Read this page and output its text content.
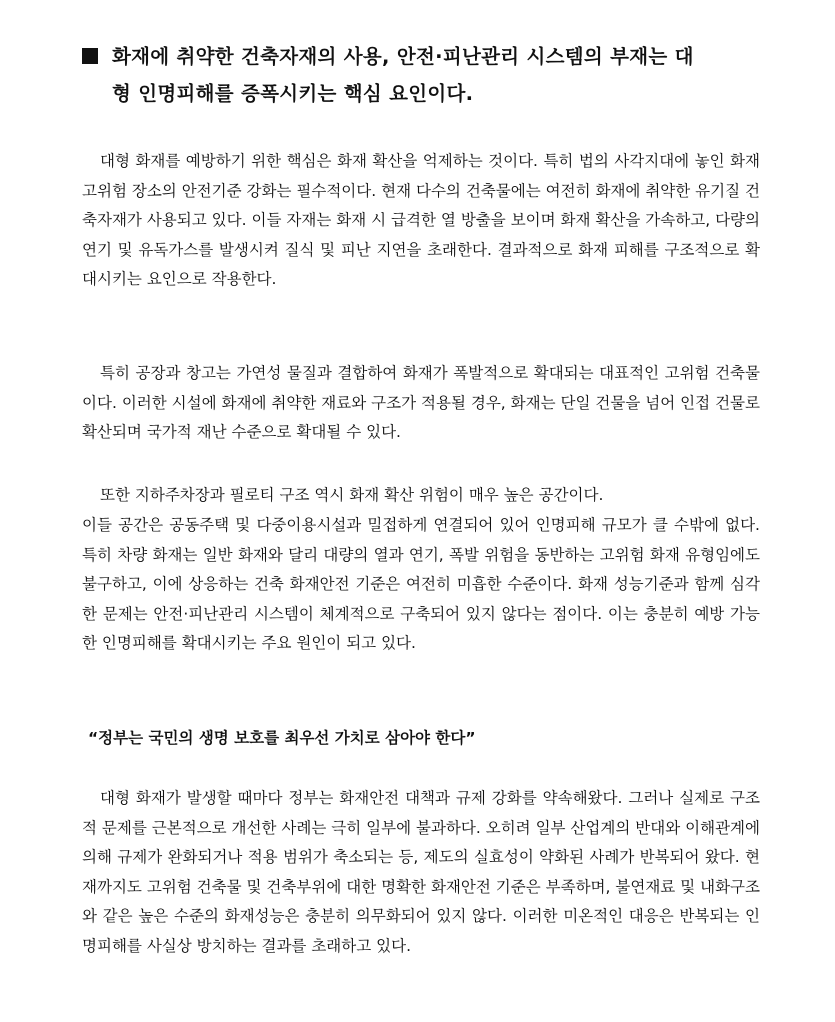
화재에 취약한 건축자재의 사용, 안전·피난관리 시스템의 부재는 대
형 인명피해를 증폭시키는 핵심 요인이다.

대형 화재를 예방하기 위한 핵심은 화재 확산을 억제하는 것이다. 특히 법의 사각지대에 놓인 화재 고위험 장소의 안전기준 강화는 필수적이다. 현재 다수의 건축물에는 여전히 화재에 취약한 유기질 건축자재가 사용되고 있다. 이들 자재는 화재 시 급격한 열 방출을 보이며 화재 확산을 가속하고, 다량의 연기 및 유독가스를 발생시켜 질식 및 피난 지연을 초래한다. 결과적으로 화재 피해를 구조적으로 확대시키는 요인으로 작용한다.

특히 공장과 창고는 가연성 물질과 결합하여 화재가 폭발적으로 확대되는 대표적인 고위험 건축물이다. 이러한 시설에 화재에 취약한 재료와 구조가 적용될 경우, 화재는 단일 건물을 넘어 인접 건물로 확산되며 국가적 재난 수준으로 확대될 수 있다.

또한 지하주차장과 필로티 구조 역시 화재 확산 위험이 매우 높은 공간이다.

이들 공간은 공동주택 및 다중이용시설과 밀접하게 연결되어 있어 인명피해 규모가 클 수밖에 없다. 특히 차량 화재는 일반 화재와 달리 대량의 열과 연기, 폭발 위험을 동반하는 고위험 화재 유형임에도 불구하고, 이에 상응하는 건축 화재안전 기준은 여전히 미흡한 수준이다. 화재 성능기준과 함께 심각한 문제는 안전·피난관리 시스템이 체계적으로 구축되어 있지 않다는 점이다. 이는 충분히 예방 가능한 인명피해를 확대시키는 주요 원인이 되고 있다.

“정부는 국민의 생명 보호를 최우선 가치로 삼아야 한다”

대형 화재가 발생할 때마다 정부는 화재안전 대책과 규제 강화를 약속해왔다. 그러나 실제로 구조적 문제를 근본적으로 개선한 사례는 극히 일부에 불과하다. 오히려 일부 산업계의 반대와 이해관계에 의해 규제가 완화되거나 적용 범위가 축소되는 등, 제도의 실효성이 약화된 사례가 반복되어 왔다. 현재까지도 고위험 건축물 및 건축부위에 대한 명확한 화재안전 기준은 부족하며, 불연재료 및 내화구조와 같은 높은 수준의 화재성능은 충분히 의무화되어 있지 않다. 이러한 미온적인 대응은 반복되는 인명피해를 사실상 방치하는 결과를 초래하고 있다.
